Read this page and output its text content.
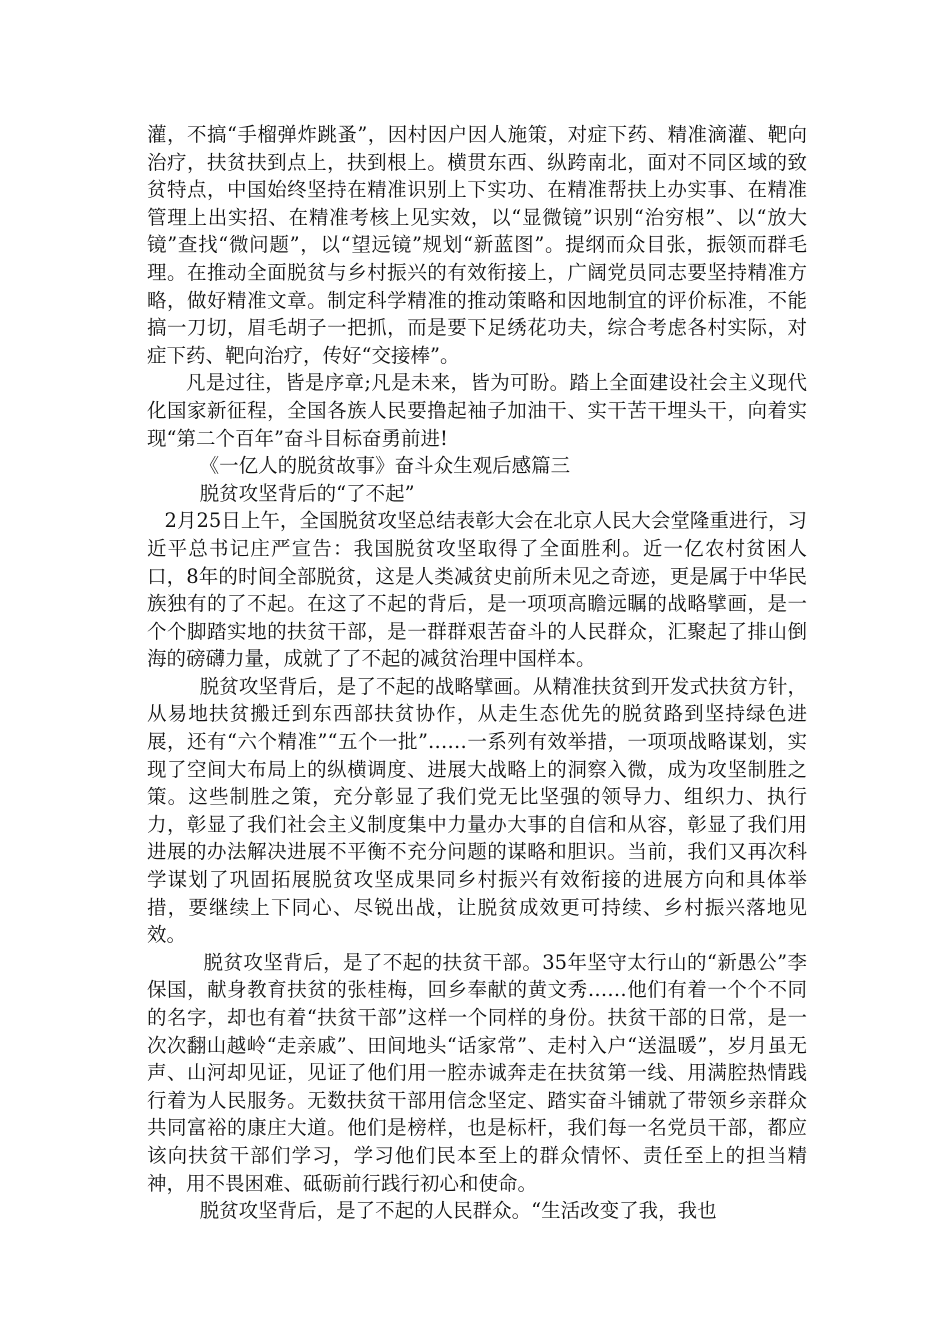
灌，不搞“手榴弹炸跳蚤”，因村因户因人施策，对症下药、精准滴灌、靶向治疗，扶贫扶到点上，扶到根上。横贯东西、纵跨南北，面对不同区域的致贫特点，中国始终坚持在精准识别上下实功、在精准帮扶上办实事、在精准管理上出实招、在精准考核上见实效，以“显微镜”识别“治穷根”、以“放大镜”查找“微问题”，以“望远镜”规划“新蓝图”。提纲而众目张，振领而群毛理。在推动全面脱贫与乡村振兴的有效衔接上，广阔党员同志要坚持精准方略，做好精准文章。制定科学精准的推动策略和因地制宜的评价标准，不能搞一刀切，眉毛胡子一把抓，而是要下足绣花功夫，综合考虑各村实际，对症下药、靶向治疗，传好“交接棒”。

凡是过往，皆是序章;凡是未来，皆为可盼。踏上全面建设社会主义现代化国家新征程，全国各族人民要撸起袖子加油干、实干苦干埋头干，向着实现“第二个百年”奋斗目标奋勇前进!

《一亿人的脱贫故事》奋斗众生观后感篇三

脱贫攻坚背后的“了不起”

2月25日上午，全国脱贫攻坚总结表彰大会在北京人民大会堂隆重进行，习近平总书记庄严宣告：我国脱贫攻坚取得了全面胜利。近一亿农村贫困人口，8年的时间全部脱贫，这是人类减贫史前所未见之奇迹，更是属于中华民族独有的了不起。在这了不起的背后，是一项项高瞻远瞩的战略擘画，是一个个脚踏实地的扶贫干部，是一群群艰苦奋斗的人民群众，汇聚起了排山倒海的磅礴力量，成就了了不起的减贫治理中国样本。

脱贫攻坚背后，是了不起的战略擘画。从精准扶贫到开发式扶贫方针，从易地扶贫搬迁到东西部扶贫协作，从走生态优先的脱贫路到坚持绿色进展，还有“六个精准”“五个一批”……一系列有效举措，一项项战略谋划，实现了空间大布局上的纵横调度、进展大战略上的洞察入微，成为攻坚制胜之策。这些制胜之策，充分彰显了我们党无比坚强的领导力、组织力、执行力，彰显了我们社会主义制度集中力量办大事的自信和从容，彰显了我们用进展的办法解决进展不平衡不充分问题的谋略和胆识。当前，我们又再次科学谋划了巩固拓展脱贫攻坚成果同乡村振兴有效衔接的进展方向和具体举措，要继续上下同心、尽锐出战，让脱贫成效更可持续、乡村振兴落地见效。

脱贫攻坚背后，是了不起的扶贫干部。35年坚守太行山的“新愚公”李保国，献身教育扶贫的张桂梅，回乡奉献的黄文秀……他们有着一个个不同的名字，却也有着“扶贫干部”这样一个同样的身份。扶贫干部的日常，是一次次翻山越岭“走亲戚”、田间地头“话家常”、走村入户“送温暖”，岁月虽无声、山河却见证，见证了他们用一腔赤诚奔走在扶贫第一线、用满腔热情践行着为人民服务。无数扶贫干部用信念坚定、踏实奋斗铺就了带领乡亲群众共同富裕的康庄大道。他们是榜样，也是标杆，我们每一名党员干部，都应该向扶贫干部们学习，学习他们民本至上的群众情怀、责任至上的担当精神，用不畏困难、砥砺前行践行初心和使命。

脱贫攻坚背后，是了不起的人民群众。“生活改变了我，我也
